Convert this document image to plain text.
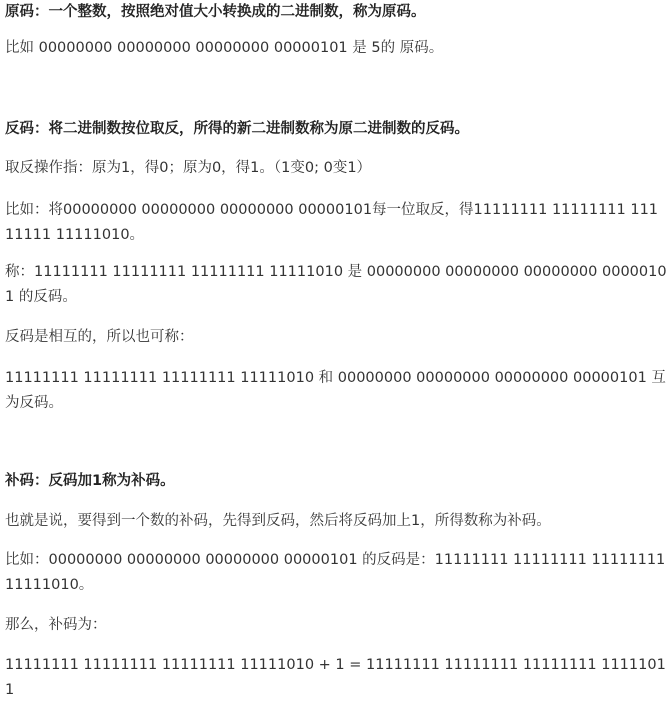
原码：一个整数，按照绝对值大小转换成的二进制数，称为原码。
比如 00000000 00000000 00000000 00000101 是 5的 原码。
反码：将二进制数按位取反，所得的新二进制数称为原二进制数的反码。
取反操作指：原为1，得0；原为0，得1。（1变0; 0变1）
比如：将00000000 00000000 00000000 00000101每一位取反，得11111111 11111111 11111111 11111010。
称：11111111 11111111 11111111 11111010 是 00000000 00000000 00000000 00000101 的反码。
反码是相互的，所以也可称：
11111111 11111111 11111111 11111010 和 00000000 00000000 00000000 00000101 互为反码。
补码：反码加1称为补码。
也就是说，要得到一个数的补码，先得到反码，然后将反码加上1，所得数称为补码。
比如：00000000 00000000 00000000 00000101 的反码是：11111111 11111111 11111111 11111010。
那么，补码为：
11111111 11111111 11111111 11111010 + 1 = 11111111 11111111 11111111 11111011
